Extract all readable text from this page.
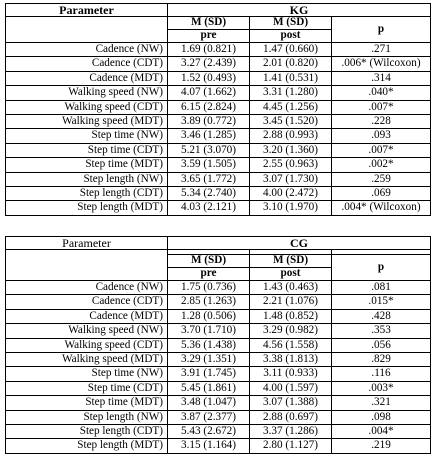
Parameter	KG		
	M (SD)	M (SD)	p
	pre	post	
Cadence (NW)	1.69 (0.821)	1.47 (0.660)	.271
Cadence (CDT)	3.27 (2.439)	2.01 (0.820)	.006* (Wilcoxon)
Cadence (MDT)	1.52 (0.493)	1.41 (0.531)	.314
Walking speed (NW)	4.07 (1.662)	3.31 (1.280)	.040*
Walking speed (CDT)	6.15 (2.824)	4.45 (1.256)	.007*
Walking speed (MDT)	3.89 (0.772)	3.45 (1.520)	.228
Step time (NW)	3.46 (1.285)	2.88 (0.993)	.093
Step time (CDT)	5.21 (3.070)	3.20 (1.360)	.007*
Step time (MDT)	3.59 (1.505)	2.55 (0.963)	.002*
Step length (NW)	3.65 (1.772)	3.07 (1.730)	.259
Step length (CDT)	5.34 (2.740)	4.00 (2.472)	.069
Step length (MDT)	4.03 (2.121)	3.10 (1.970)	.004* (Wilcoxon)
Parameter	CG		

	M (SD)	M (SD)	p
	pre	post	
Cadence (NW)	1.75 (0.736)	1.43 (0.463)	.081
Cadence (CDT)	2.85 (1.263)	2.21 (1.076)	.015*
Cadence (MDT)	1.28 (0.506)	1.48 (0.852)	.428
Walking speed (NW)	3.70 (1.710)	3.29 (0.982)	.353
Walking speed (CDT)	5.36 (1.438)	4.56 (1.558)	.056
Walking speed (MDT)	3.29 (1.351)	3.38 (1.813)	.829
Step time (NW)	3.91 (1.745)	3.11 (0.933)	.116
Step time (CDT)	5.45 (1.861)	4.00 (1.597)	.003*
Step time (MDT)	3.48 (1.047)	3.07 (1.388)	.321
Step length (NW)	3.87 (2.377)	2.88 (0.697)	.098
Step length (CDT)	5.43 (2.672)	3.37 (1.286)	.004*
Step length (MDT)	3.15 (1.164)	2.80 (1.127)	.219
